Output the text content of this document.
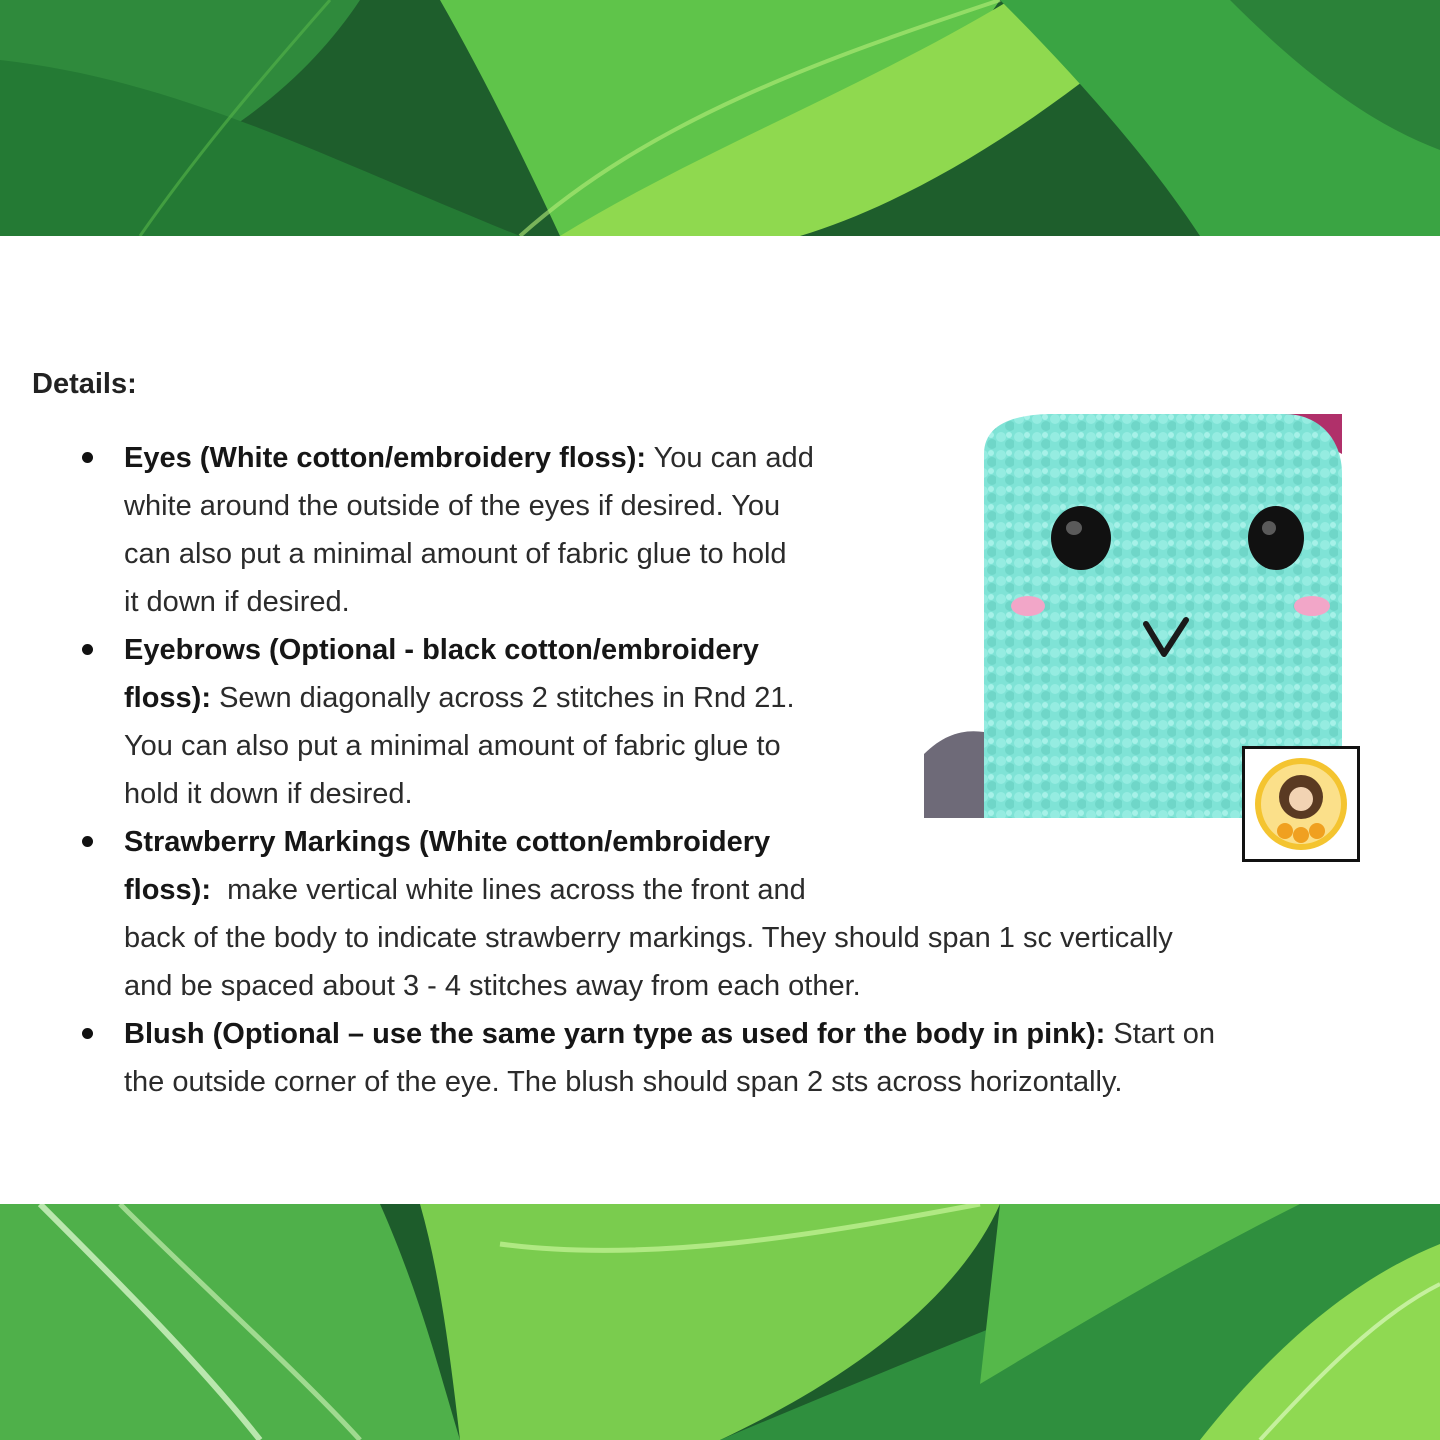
Details:
Eyes (White cotton/embroidery floss): You can add
white around the outside of the eyes if desired. You
can also put a minimal amount of fabric glue to hold
it down if desired.
Eyebrows (Optional - black cotton/embroidery
floss): Sewn diagonally across 2 stitches in Rnd 21.
You can also put a minimal amount of fabric glue to
hold it down if desired.
Strawberry Markings (White cotton/embroidery
floss): make vertical white lines across the front and
back of the body to indicate strawberry markings. They should span 1 sc vertically
and be spaced about 3 - 4 stitches away from each other.
Blush (Optional – use the same yarn type as used for the body in pink): Start on
the outside corner of the eye. The blush should span 2 sts across horizontally.
